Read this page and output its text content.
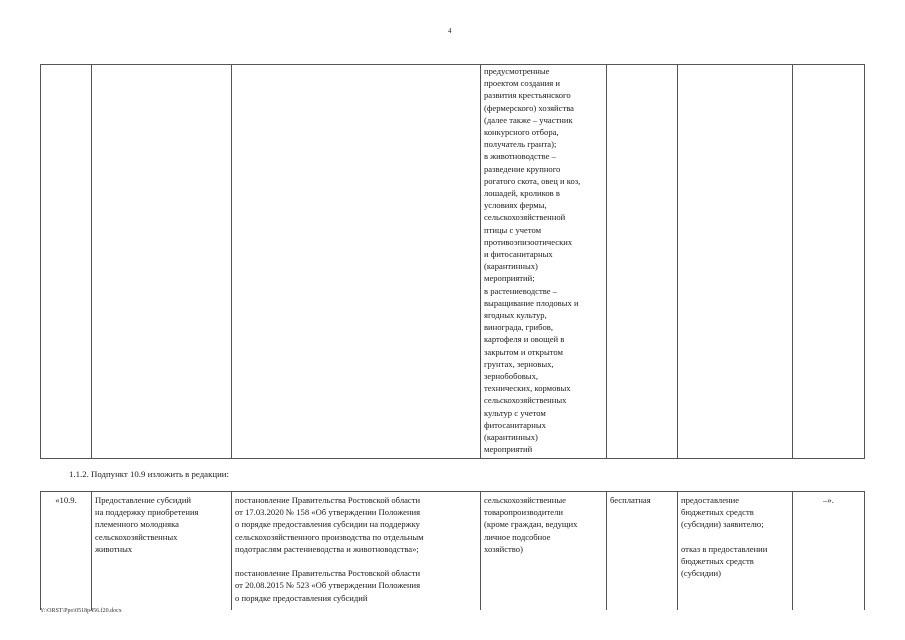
4
			предусмотренные
проектом создания и
развития крестьянского
(фермерского) хозяйства
(далее также – участник
конкурсного отбора,
получатель гранта);
в животноводстве –
разведение крупного
рогатого скота, овец и коз,
лошадей, кроликов в
условиях фермы,
сельскохозяйственной
птицы с учетом
противоэпизоотических
и фитосанитарных
(карантинных)
мероприятий;
в растениеводстве –
выращивание плодовых и
ягодных культур,
винограда, грибов,
картофеля и овощей в
закрытом и открытом
грунтах, зерновых,
зернобобовых,
технических, кормовых
сельскохозяйственных
культур с учетом
фитосанитарных
(карантинных)
мероприятий			
1.1.2. Подпункт 10.9 изложить в редакции:
«10.9.	Предоставление субсидий
на поддержку приобретения
племенного молодняка
сельскохозяйственных
животных	постановление Правительства Ростовской области
от 17.03.2020 № 158 «Об утверждении Положения
о порядке предоставления субсидии на поддержку
сельскохозяйственного производства по отдельным
подотраслям растениеводства и животноводства»;

постановление Правительства Ростовской области
от 20.08.2015 № 523 «Об утверждении Положения
о порядке предоставления субсидий	сельскохозяйственные
товаропроизводители
(кроме граждан, ведущих
личное подсобное
хозяйство)	бесплатная	предоставление
бюджетных средств
(субсидии) заявителю;

отказ в предоставлении
бюджетных средств
(субсидии)	–».
Y:\ORST\Ppo\0518p456.f20.docx
